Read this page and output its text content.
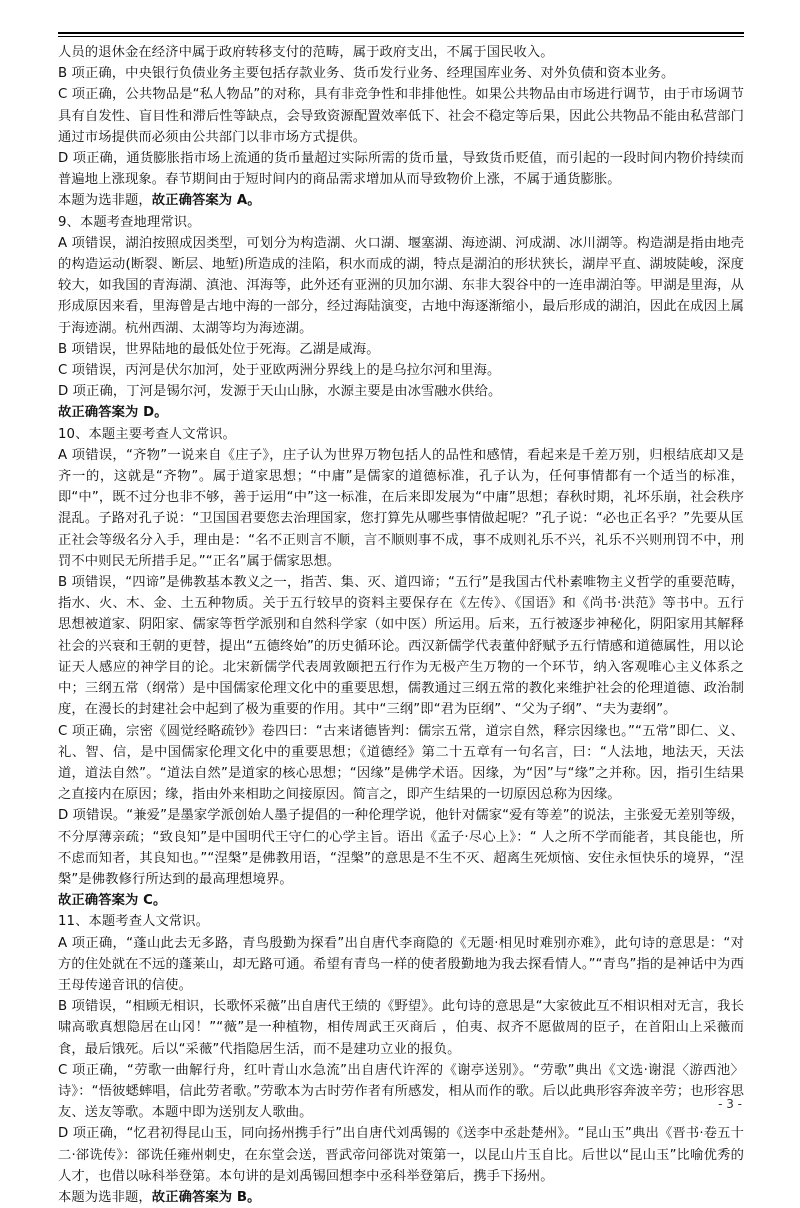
人员的退休金在经济中属于政府转移支付的范畴，属于政府支出，不属于国民收入。

B 项正确，中央银行负债业务主要包括存款业务、货币发行业务、经理国库业务、对外负债和资本业务。

C 项正确，公共物品是“私人物品”的对称，具有非竞争性和非排他性。如果公共物品由市场进行调节，由于市场调节具有自发性、盲目性和滞后性等缺点，会导致资源配置效率低下、社会不稳定等后果，因此公共物品不能由私营部门通过市场提供而必须由公共部门以非市场方式提供。

D 项正确，通货膨胀指市场上流通的货币量超过实际所需的货币量，导致货币贬值，而引起的一段时间内物价持续而普遍地上涨现象。春节期间由于短时间内的商品需求增加从而导致物价上涨，不属于通货膨胀。

本题为选非题，故正确答案为 A。

9、本题考查地理常识。

A 项错误，湖泊按照成因类型，可划分为构造湖、火口湖、堰塞湖、海迹湖、河成湖、冰川湖等。构造湖是指由地壳的构造运动(断裂、断层、地堑)所造成的洼陷，积水而成的湖，特点是湖泊的形状狭长，湖岸平直、湖坡陡峻，深度较大，如我国的青海湖、滇池、洱海等，此外还有亚洲的贝加尔湖、东非大裂谷中的一连串湖泊等。甲湖是里海，从形成原因来看，里海曾是古地中海的一部分，经过海陆演变，古地中海逐渐缩小，最后形成的湖泊，因此在成因上属于海迹湖。杭州西湖、太湖等均为海迹湖。

B 项错误，世界陆地的最低处位于死海。乙湖是咸海。

C 项错误，丙河是伏尔加河，处于亚欧两洲分界线上的是乌拉尔河和里海。

D 项正确，丁河是锡尔河，发源于天山山脉，水源主要是由冰雪融水供给。

故正确答案为 D。

10、本题主要考查人文常识。

A 项错误，“齐物”一说来自《庄子》，庄子认为世界万物包括人的品性和感情，看起来是千差万别，归根结底却又是齐一的，这就是“齐物”。属于道家思想；“中庸”是儒家的道德标准，孔子认为，任何事情都有一个适当的标准，即“中”，既不过分也非不够，善于运用“中”这一标准，在后来即发展为“中庸”思想；春秋时期，礼坏乐崩，社会秩序混乱。子路对孔子说：“卫国国君要您去治理国家，您打算先从哪些事情做起呢？”孔子说：“必也正名乎？”先要从匡正社会等级名分入手，理由是：“名不正则言不顺，言不顺则事不成，事不成则礼乐不兴，礼乐不兴则刑罚不中，刑罚不中则民无所措手足。”“正名”属于儒家思想。

B 项错误，“四谛”是佛教基本教义之一，指苦、集、灭、道四谛；“五行”是我国古代朴素唯物主义哲学的重要范畴，指水、火、木、金、土五种物质。关于五行较早的资料主要保存在《左传》、《国语》和《尚书·洪范》等书中。五行思想被道家、阴阳家、儒家等哲学派别和自然科学家（如中医）所运用。后来，五行被逐步神秘化，阴阳家用其解释社会的兴衰和王朝的更替，提出“五德终始”的历史循环论。西汉新儒学代表董仲舒赋予五行情感和道德属性，用以论证天人感应的神学目的论。北宋新儒学代表周敦颐把五行作为无极产生万物的一个环节，纳入客观唯心主义体系之中；三纲五常（纲常）是中国儒家伦理文化中的重要思想，儒教通过三纲五常的教化来维护社会的伦理道德、政治制度，在漫长的封建社会中起到了极为重要的作用。其中“三纲”即“君为臣纲”、“父为子纲”、“夫为妻纲”。

C 项正确，宗密《圆觉经略疏钞》卷四曰：“古来诸德皆判：儒宗五常，道宗自然，释宗因缘也。”“五常”即仁、义、礼、智、信，是中国儒家伦理文化中的重要思想；《道德经》第二十五章有一句名言，曰：“人法地，地法天，天法道，道法自然”。“道法自然”是道家的核心思想；“因缘”是佛学术语。因缘，为“因”与“缘”之并称。因，指引生结果之直接内在原因；缘，指由外来相助之间接原因。简言之，即产生结果的一切原因总称为因缘。

D 项错误。“兼爱”是墨家学派创始人墨子提倡的一种伦理学说，他针对儒家“爱有等差”的说法，主张爱无差别等级，不分厚薄亲疏；“致良知”是中国明代王守仁的心学主旨。语出《孟子·尽心上》：“ 人之所不学而能者，其良能也，所不虑而知者，其良知也。”“涅槃”是佛教用语，“涅槃”的意思是不生不灭、超离生死烦恼、安住永恒快乐的境界，“涅槃”是佛教修行所达到的最高理想境界。

故正确答案为 C。

11、本题考查人文常识。

A 项正确，“蓬山此去无多路，青鸟殷勤为探看”出自唐代李商隐的《无题·相见时难别亦难》，此句诗的意思是：“对方的住处就在不远的蓬莱山，却无路可通。希望有青鸟一样的使者殷勤地为我去探看情人。”“青鸟”指的是神话中为西王母传递音讯的信使。

B 项错误，“相顾无相识，长歌怀采薇”出自唐代王绩的《野望》。此句诗的意思是“大家彼此互不相识相对无言，我长啸高歌真想隐居在山冈！”“薇”是一种植物，相传周武王灭商后 ，伯夷、叔齐不愿做周的臣子，在首阳山上采薇而食，最后饿死。后以“采薇”代指隐居生活，而不是建功立业的报负。

C 项正确，“劳歌一曲解行舟，红叶青山水急流”出自唐代许浑的《谢亭送别》。“劳歌”典出《文选·谢混〈游西池〉诗》：“悟彼蟋蟀唱，信此劳者歌。”劳歌本为古时劳作者有所感发，相从而作的歌。后以此典形容奔波辛劳；也形容思友、送友等歌。本题中即为送别友人歌曲。

D 项正确，“忆君初得昆山玉，同向扬州携手行”出自唐代刘禹锡的《送李中丞赴楚州》。“昆山玉”典出《晋书·卷五十二·郤诜传》：郤诜任雍州刺史，在东堂会送，晋武帝问郤诜对策第一，以昆山片玉自比。后世以“昆山玉”比喻优秀的人才，也借以咏科举登第。本句讲的是刘禹锡回想李中丞科举登第后，携手下扬州。

本题为选非题，故正确答案为 B。

- 3 -
